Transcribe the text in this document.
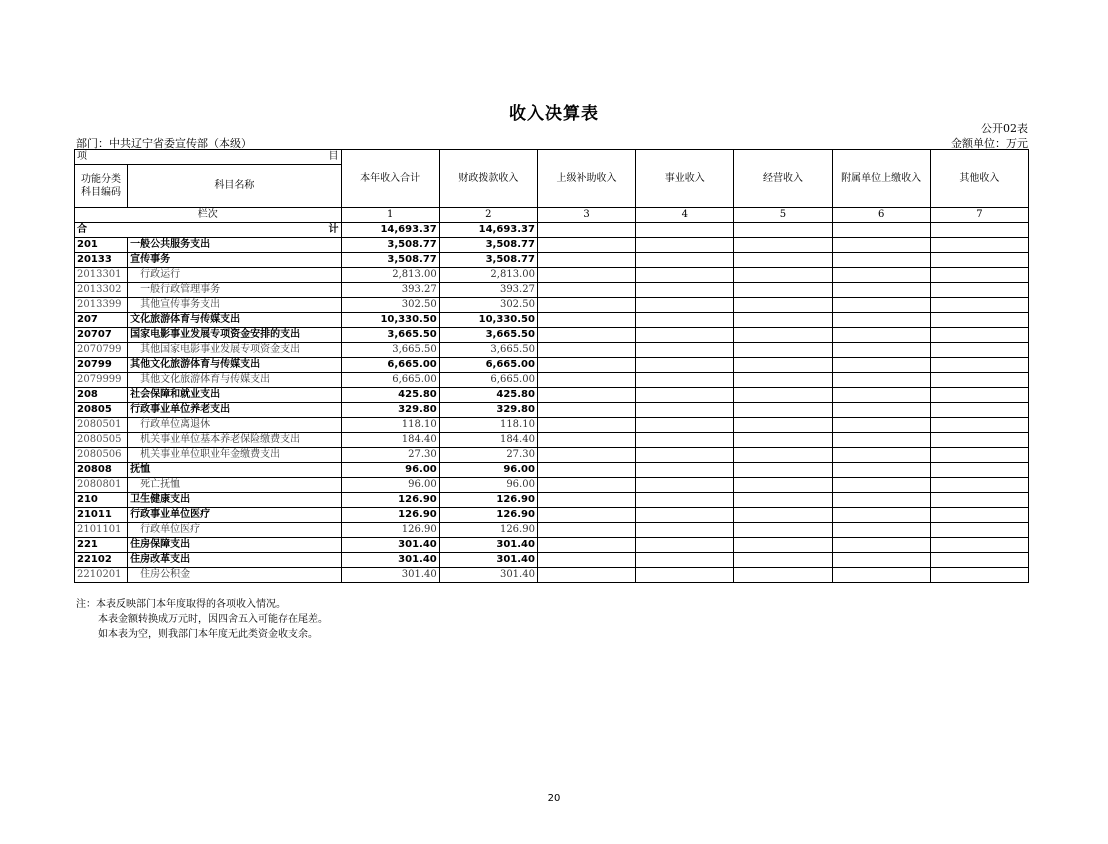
收入决算表
公开02表
部门：中共辽宁省委宣传部（本级）	金额单位：万元
项 目		本年收入合计	财政拨款收入	上级补助收入	事业收入	经营收入	附属单位上缴收入	其他收入
功能分类
科目编码	科目名称							
栏次		1	2	3	4	5	6	7

合 计		14,693.37	14,693.37					
201	一般公共服务支出	3,508.77	3,508.77					
20133	宣传事务	3,508.77	3,508.77					
2013301	行政运行	2,813.00	2,813.00					
2013302	一般行政管理事务	393.27	393.27					
2013399	其他宣传事务支出	302.50	302.50					
207	文化旅游体育与传媒支出	10,330.50	10,330.50					
20707	国家电影事业发展专项资金安排的支出	3,665.50	3,665.50					
2070799	其他国家电影事业发展专项资金支出	3,665.50	3,665.50					
20799	其他文化旅游体育与传媒支出	6,665.00	6,665.00					
2079999	其他文化旅游体育与传媒支出	6,665.00	6,665.00					
208	社会保障和就业支出	425.80	425.80					
20805	行政事业单位养老支出	329.80	329.80					
2080501	行政单位离退休	118.10	118.10					
2080505	机关事业单位基本养老保险缴费支出	184.40	184.40					
2080506	机关事业单位职业年金缴费支出	27.30	27.30					
20808	抚恤	96.00	96.00					
2080801	死亡抚恤	96.00	96.00					
210	卫生健康支出	126.90	126.90					
21011	行政事业单位医疗	126.90	126.90					
2101101	行政单位医疗	126.90	126.90					
221	住房保障支出	301.40	301.40					
22102	住房改革支出	301.40	301.40					
2210201	住房公积金	301.40	301.40					
注：本表反映部门本年度取得的各项收入情况。
本表金额转换成万元时，因四舍五入可能存在尾差。
如本表为空，则我部门本年度无此类资金收支余。
20
